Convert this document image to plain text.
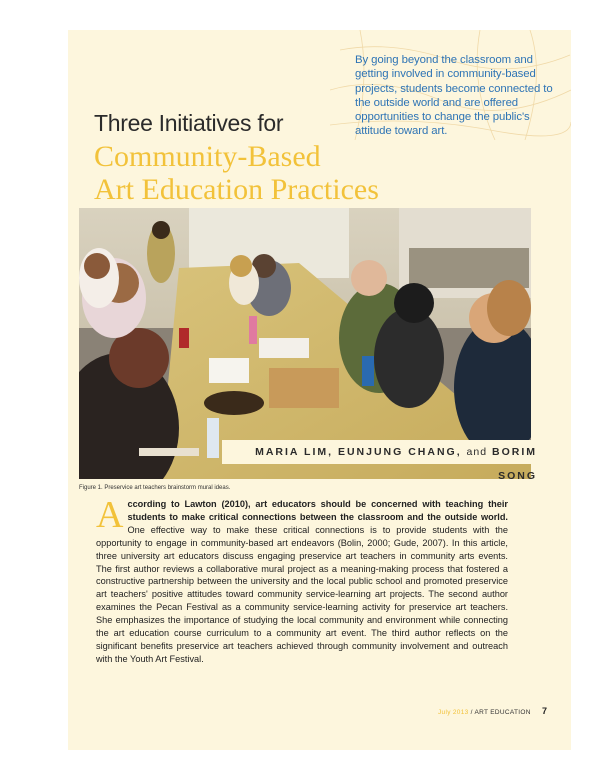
By going beyond the classroom and getting involved in community-based projects, students become connected to the outside world and are offered opportunities to change the public's attitude toward art.
Three Initiatives for
Community-Based
Art Education Practices
MARIA LIM, EUNJUNG CHANG, and BORIM SONG
Figure 1. Preservice art teachers brainstorm mural ideas.
According to Lawton (2010), art educators should be concerned with teaching their students to make critical connections between the classroom and the outside world. One effective way to make these critical connections is to provide students with the opportunity to engage in community-based art endeavors (Bolin, 2000; Gude, 2007). In this article, three university art educators discuss engaging preservice art teachers in community arts events. The first author reviews a collaborative mural project as a meaning-making process that fostered a constructive partnership between the university and the local public school and promoted preservice art teachers' positive attitudes toward community service-learning art projects. The second author examines the Pecan Festival as a community service-learning activity for preservice art teachers. She emphasizes the importance of studying the local community and environment while connecting the art education course curriculum to a community art event. The third author reflects on the significant benefits preservice art teachers achieved through community involvement and outreach with the Youth Art Festival.
July 2013 / ART EDUCATION 7
